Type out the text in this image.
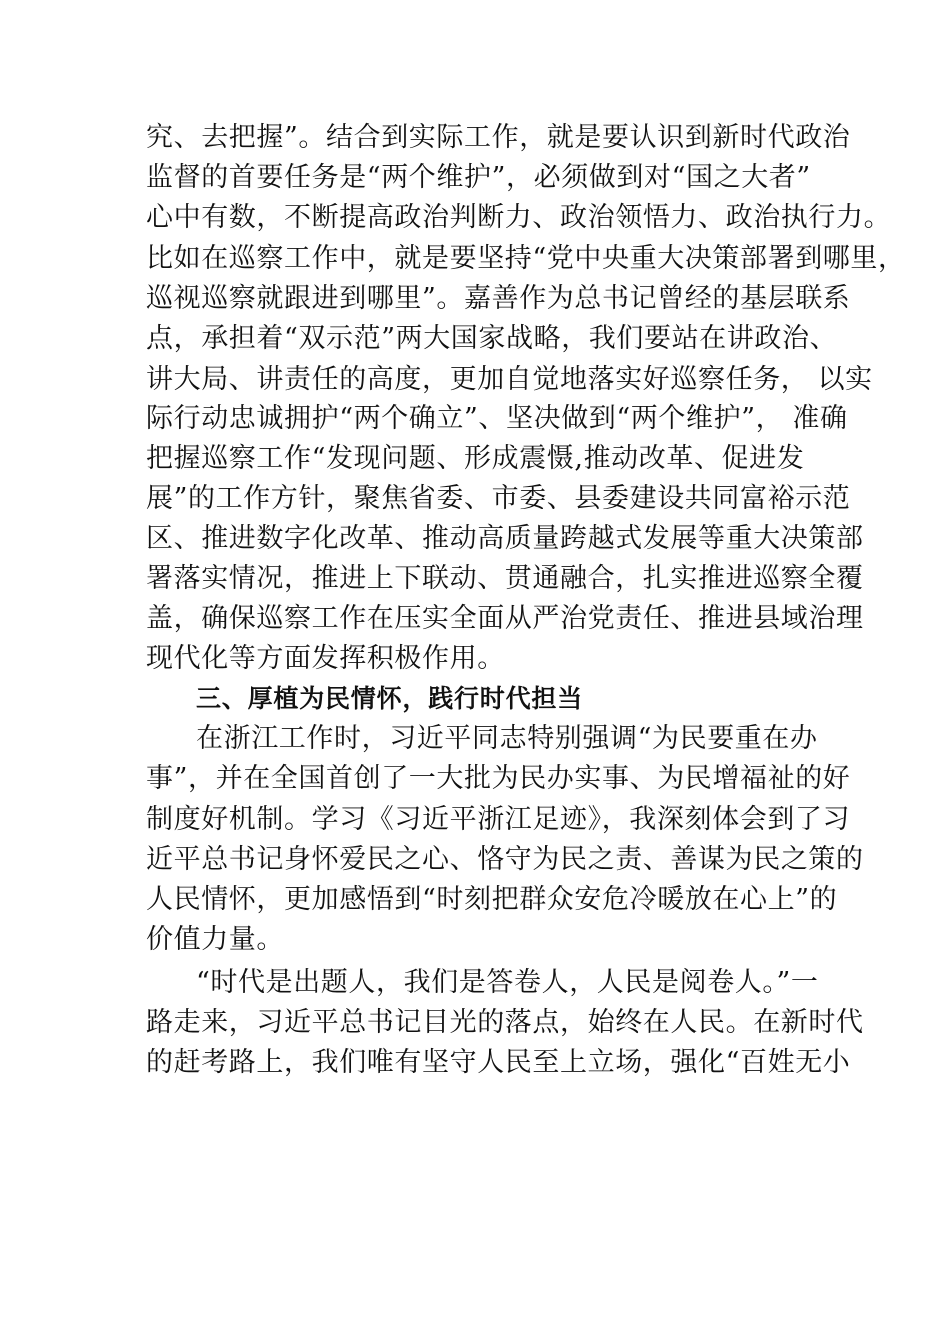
究、去把握”。结合到实际工作，就是要认识到新时代政治
监督的首要任务是“两个维护”，必须做到对“国之大者”
心中有数，不断提高政治判断力、政治领悟力、政治执行力。
比如在巡察工作中，就是要坚持“党中央重大决策部署到哪里，
巡视巡察就跟进到哪里”。嘉善作为总书记曾经的基层联系
点，承担着“双示范”两大国家战略，我们要站在讲政治、
讲大局、讲责任的高度，更加自觉地落实好巡察任务， 以实
际行动忠诚拥护“两个确立”、坚决做到“两个维护”， 准确
把握巡察工作“发现问题、形成震慑,推动改革、促进发
展”的工作方针，聚焦省委、市委、县委建设共同富裕示范
区、推进数字化改革、推动高质量跨越式发展等重大决策部
署落实情况，推进上下联动、贯通融合，扎实推进巡察全覆
盖，确保巡察工作在压实全面从严治党责任、推进县域治理
现代化等方面发挥积极作用。
三、厚植为民情怀，践行时代担当
在浙江工作时，习近平同志特别强调“为民要重在办
事”，并在全国首创了一大批为民办实事、为民增福祉的好
制度好机制。学习《习近平浙江足迹》，我深刻体会到了习
近平总书记身怀爱民之心、恪守为民之责、善谋为民之策的
人民情怀，更加感悟到“时刻把群众安危冷暖放在心上”的
价值力量。
“时代是出题人，我们是答卷人，人民是阅卷人。”一
路走来，习近平总书记目光的落点，始终在人民。在新时代
的赶考路上，我们唯有坚守人民至上立场，强化“百姓无小
